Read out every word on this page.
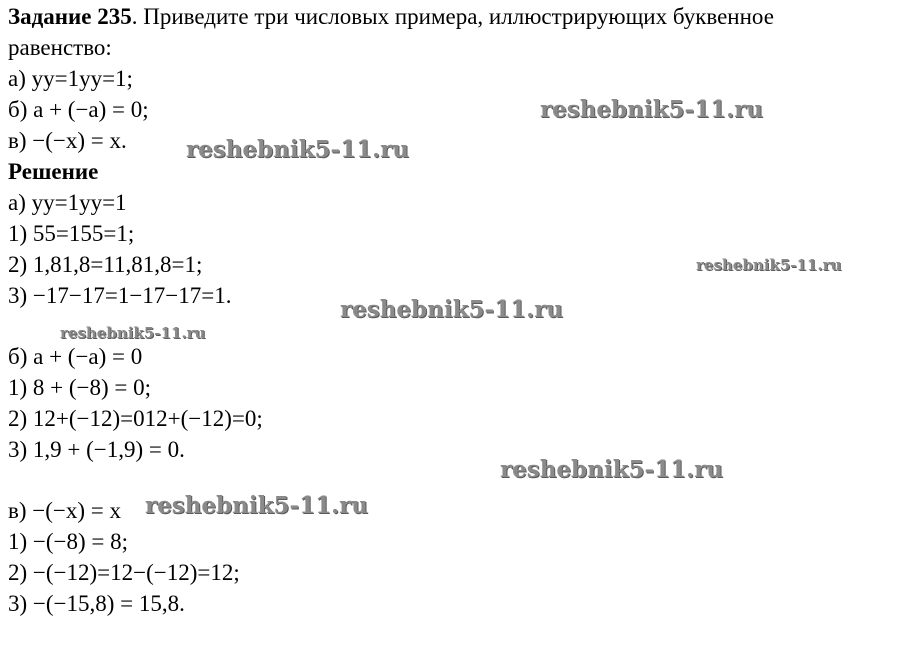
Задание 235. Приведите три числовых примера, иллюстрирующих буквенное
равенство:
а) yy=1yy=1;
б) a + (−a) = 0;
в) −(−x) = x.
Решение
а) yy=1yy=1
1) 55=155=1;
2) 1,81,8=11,81,8=1;
3) −17−17=1−17−17=1.
б) a + (−a) = 0
1) 8 + (−8) = 0;
2) 12+(−12)=012+(−12)=0;
3) 1,9 + (−1,9) = 0.
в) −(−x) = x
1) −(−8) = 8;
2) −(−12)=12−(−12)=12;
3) −(−15,8) = 15,8.
reshebnik5-11.ru
reshebnik5-11.ru
reshebnik5-11.ru
reshebnik5-11.ru
reshebnik5-11.ru
reshebnik5-11.ru
reshebnik5-11.ru
